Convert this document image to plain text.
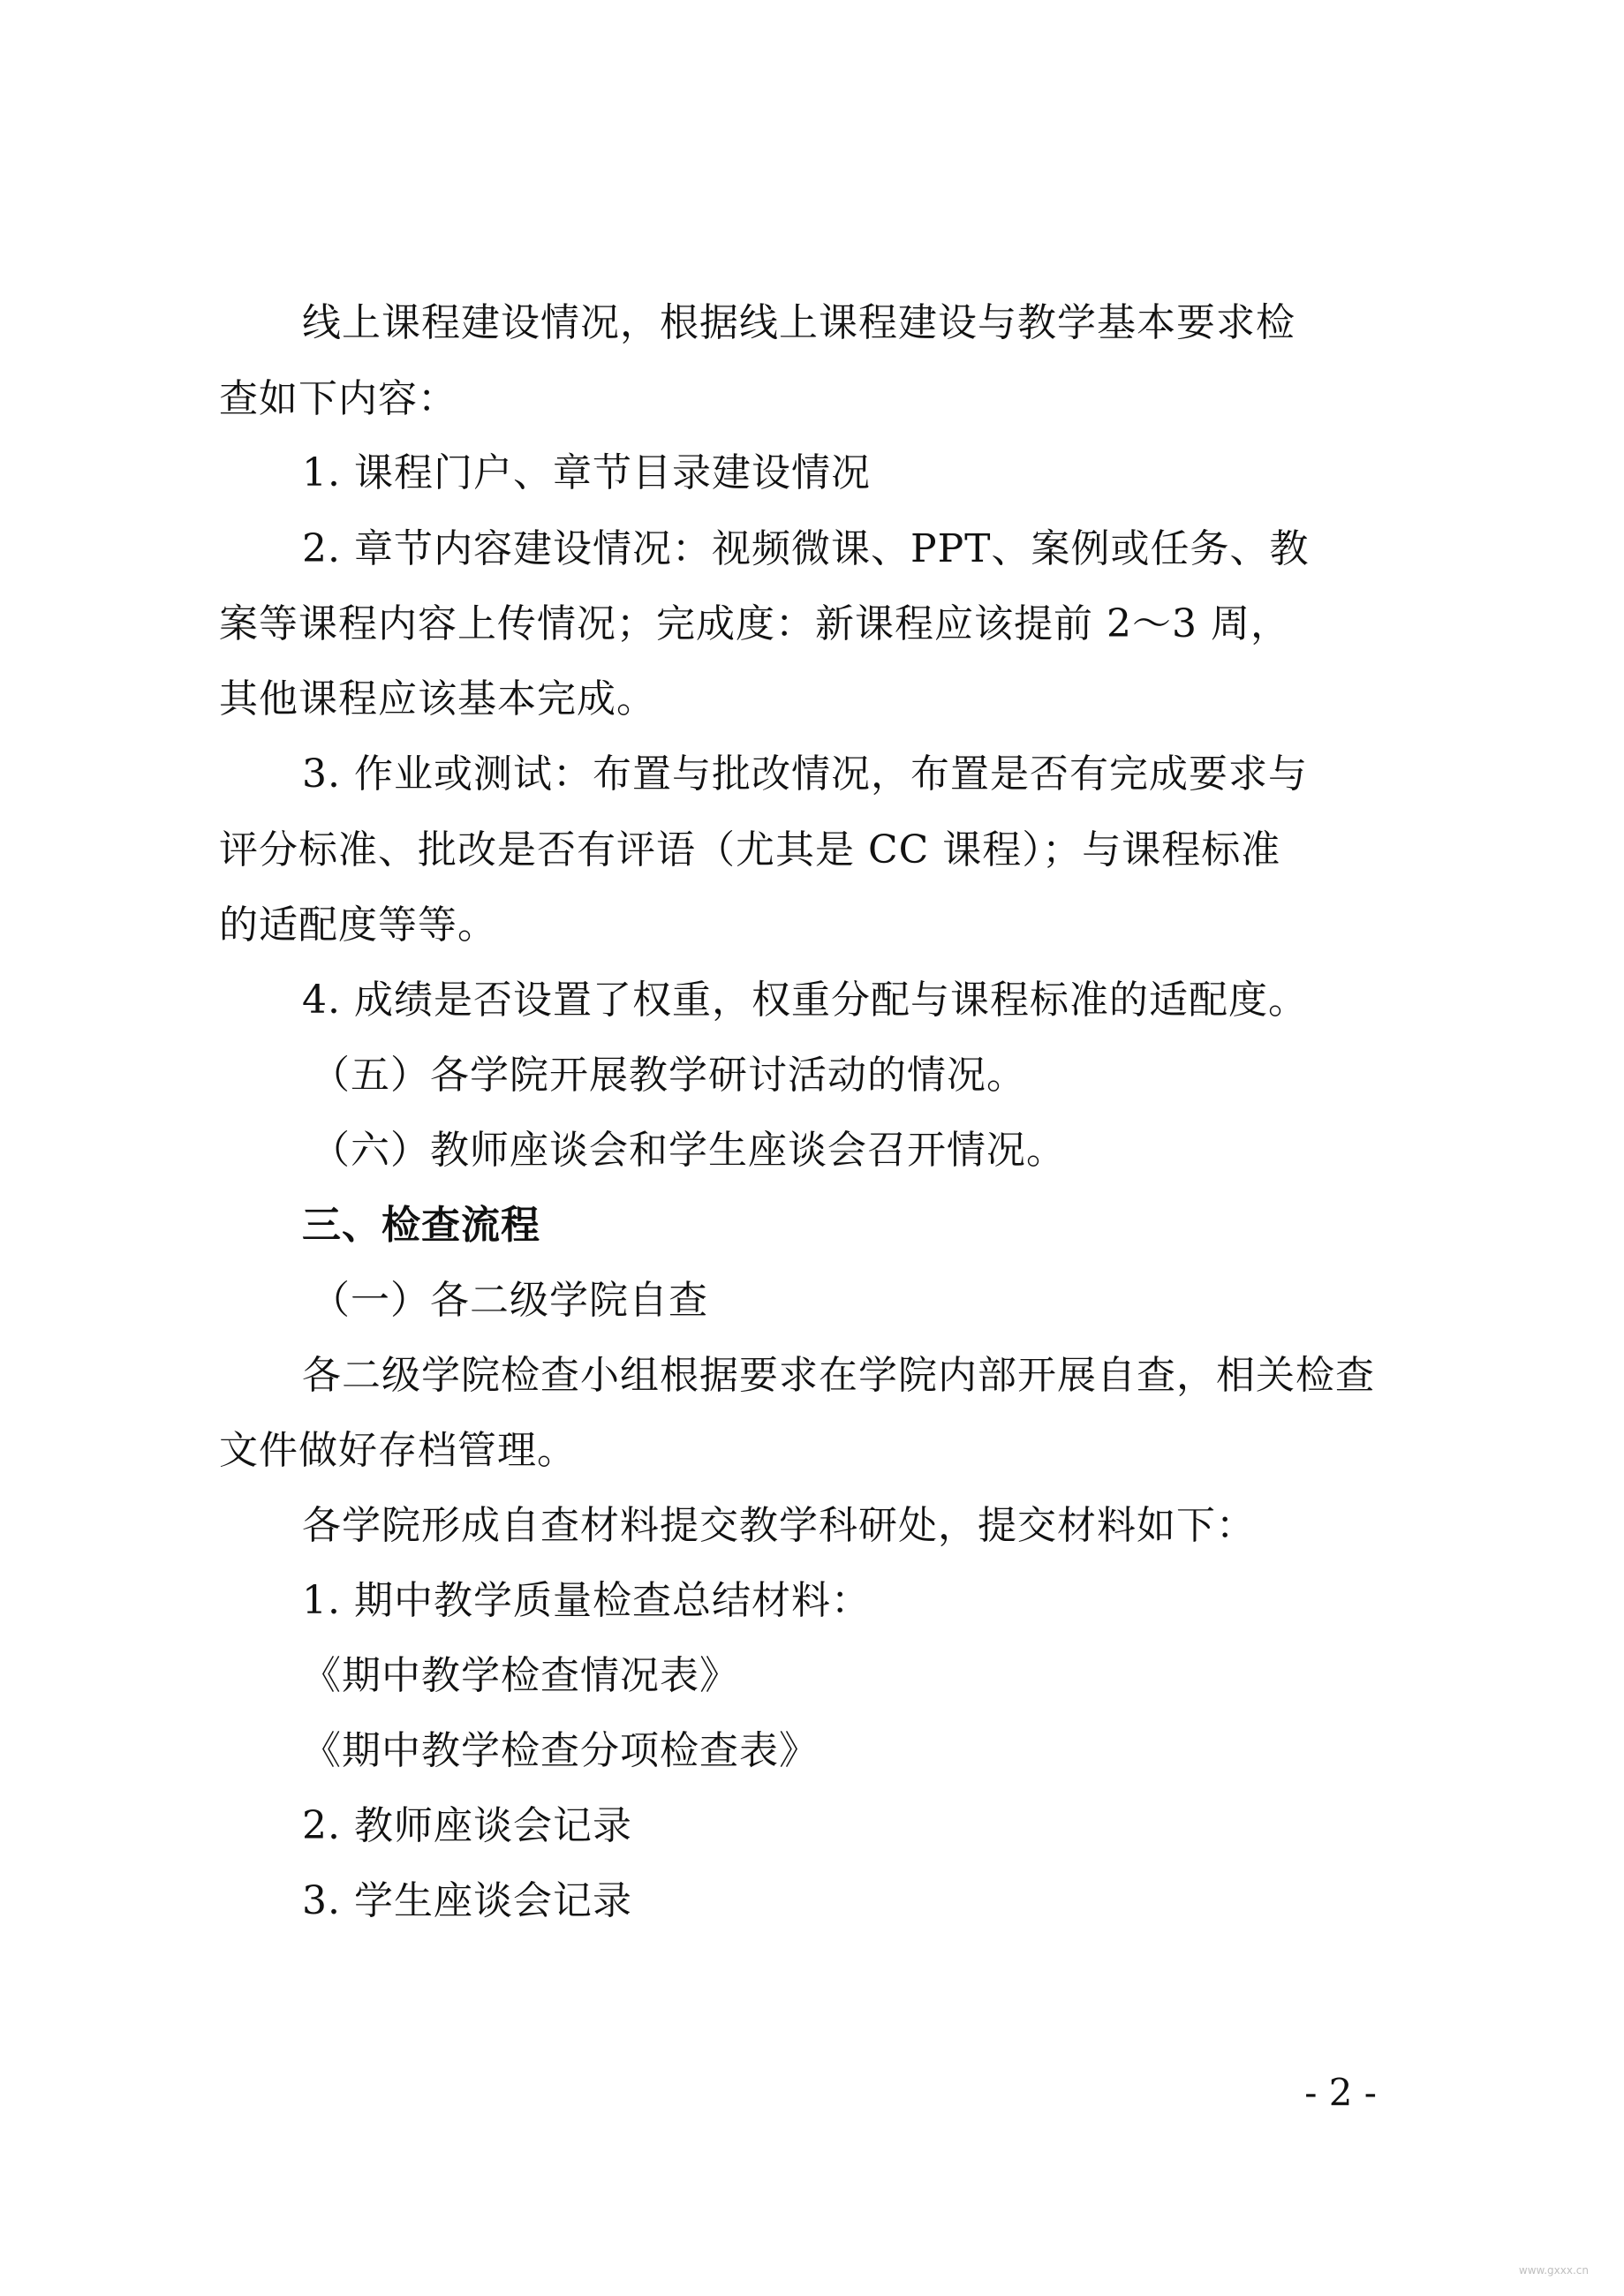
线上课程建设情况，根据线上课程建设与教学基本要求检
查如下内容：
1. 课程门户、章节目录建设情况
2. 章节内容建设情况：视频微课、PPT、案例或任务、教
案等课程内容上传情况；完成度：新课程应该提前 2～3 周，
其他课程应该基本完成。
3. 作业或测试：布置与批改情况，布置是否有完成要求与
评分标准、批改是否有评语（尤其是 CC 课程）；与课程标准
的适配度等等。
4. 成绩是否设置了权重，权重分配与课程标准的适配度。
（五）各学院开展教学研讨活动的情况。
（六）教师座谈会和学生座谈会召开情况。
三、检查流程
（一）各二级学院自查
各二级学院检查小组根据要求在学院内部开展自查，相关检查
文件做好存档管理。
各学院形成自查材料提交教学科研处，提交材料如下：
1. 期中教学质量检查总结材料：
《期中教学检查情况表》
《期中教学检查分项检查表》
2. 教师座谈会记录
3. 学生座谈会记录
- 2 -
www.gxxx.cn
